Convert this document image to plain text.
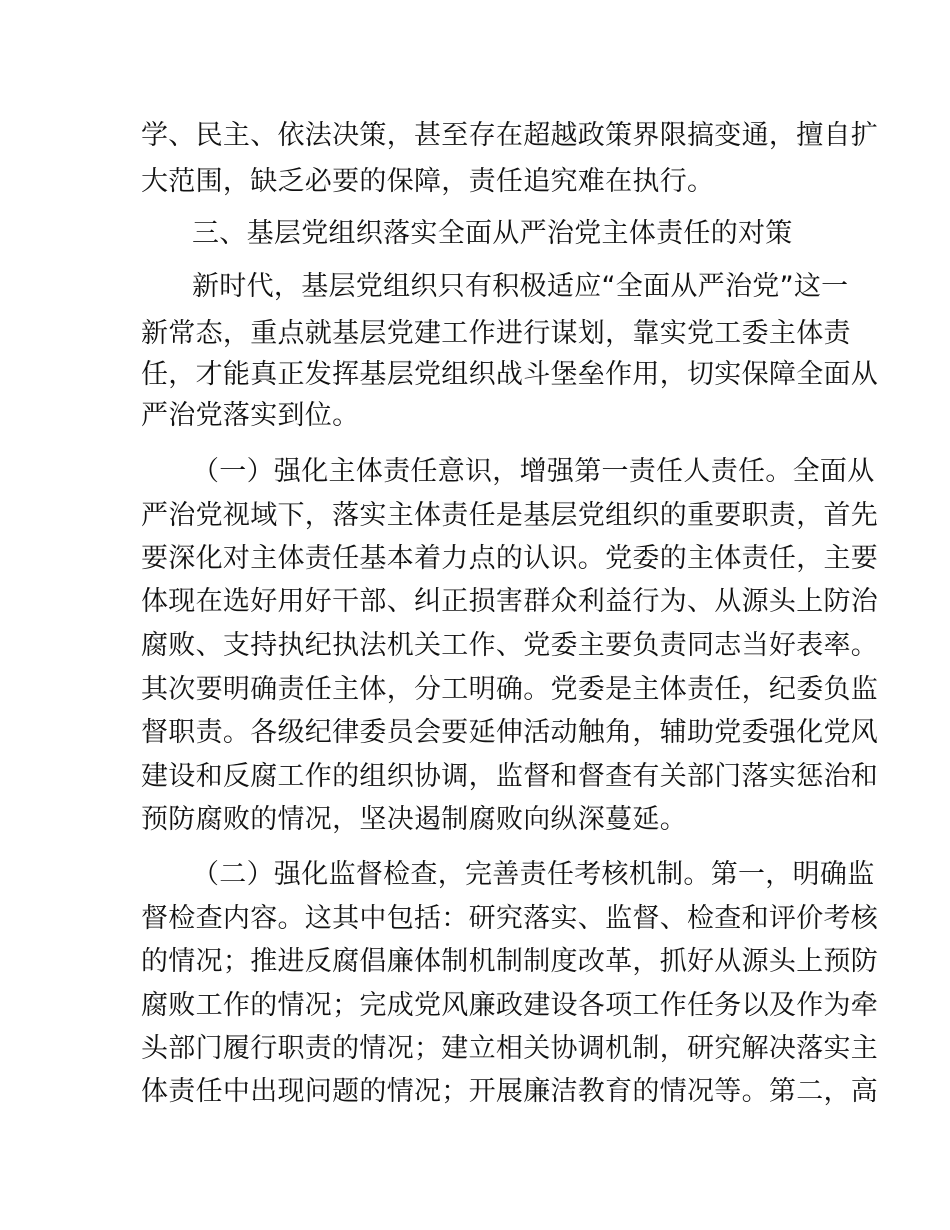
学、民主、依法决策，甚至存在超越政策界限搞变通，擅自扩
大范围，缺乏必要的保障，责任追究难在执行。
三、基层党组织落实全面从严治党主体责任的对策
新时代，基层党组织只有积极适应“全面从严治党”这一
新常态，重点就基层党建工作进行谋划，靠实党工委主体责
任，才能真正发挥基层党组织战斗堡垒作用，切实保障全面从
严治党落实到位。
（一）强化主体责任意识，增强第一责任人责任。全面从
严治党视域下，落实主体责任是基层党组织的重要职责，首先
要深化对主体责任基本着力点的认识。党委的主体责任，主要
体现在选好用好干部、纠正损害群众利益行为、从源头上防治
腐败、支持执纪执法机关工作、党委主要负责同志当好表率。
其次要明确责任主体，分工明确。党委是主体责任，纪委负监
督职责。各级纪律委员会要延伸活动触角，辅助党委强化党风
建设和反腐工作的组织协调，监督和督查有关部门落实惩治和
预防腐败的情况，坚决遏制腐败向纵深蔓延。
（二）强化监督检查，完善责任考核机制。第一，明确监
督检查内容。这其中包括：研究落实、监督、检查和评价考核
的情况；推进反腐倡廉体制机制制度改革，抓好从源头上预防
腐败工作的情况；完成党风廉政建设各项工作任务以及作为牵
头部门履行职责的情况；建立相关协调机制，研究解决落实主
体责任中出现问题的情况；开展廉洁教育的情况等。第二，高
